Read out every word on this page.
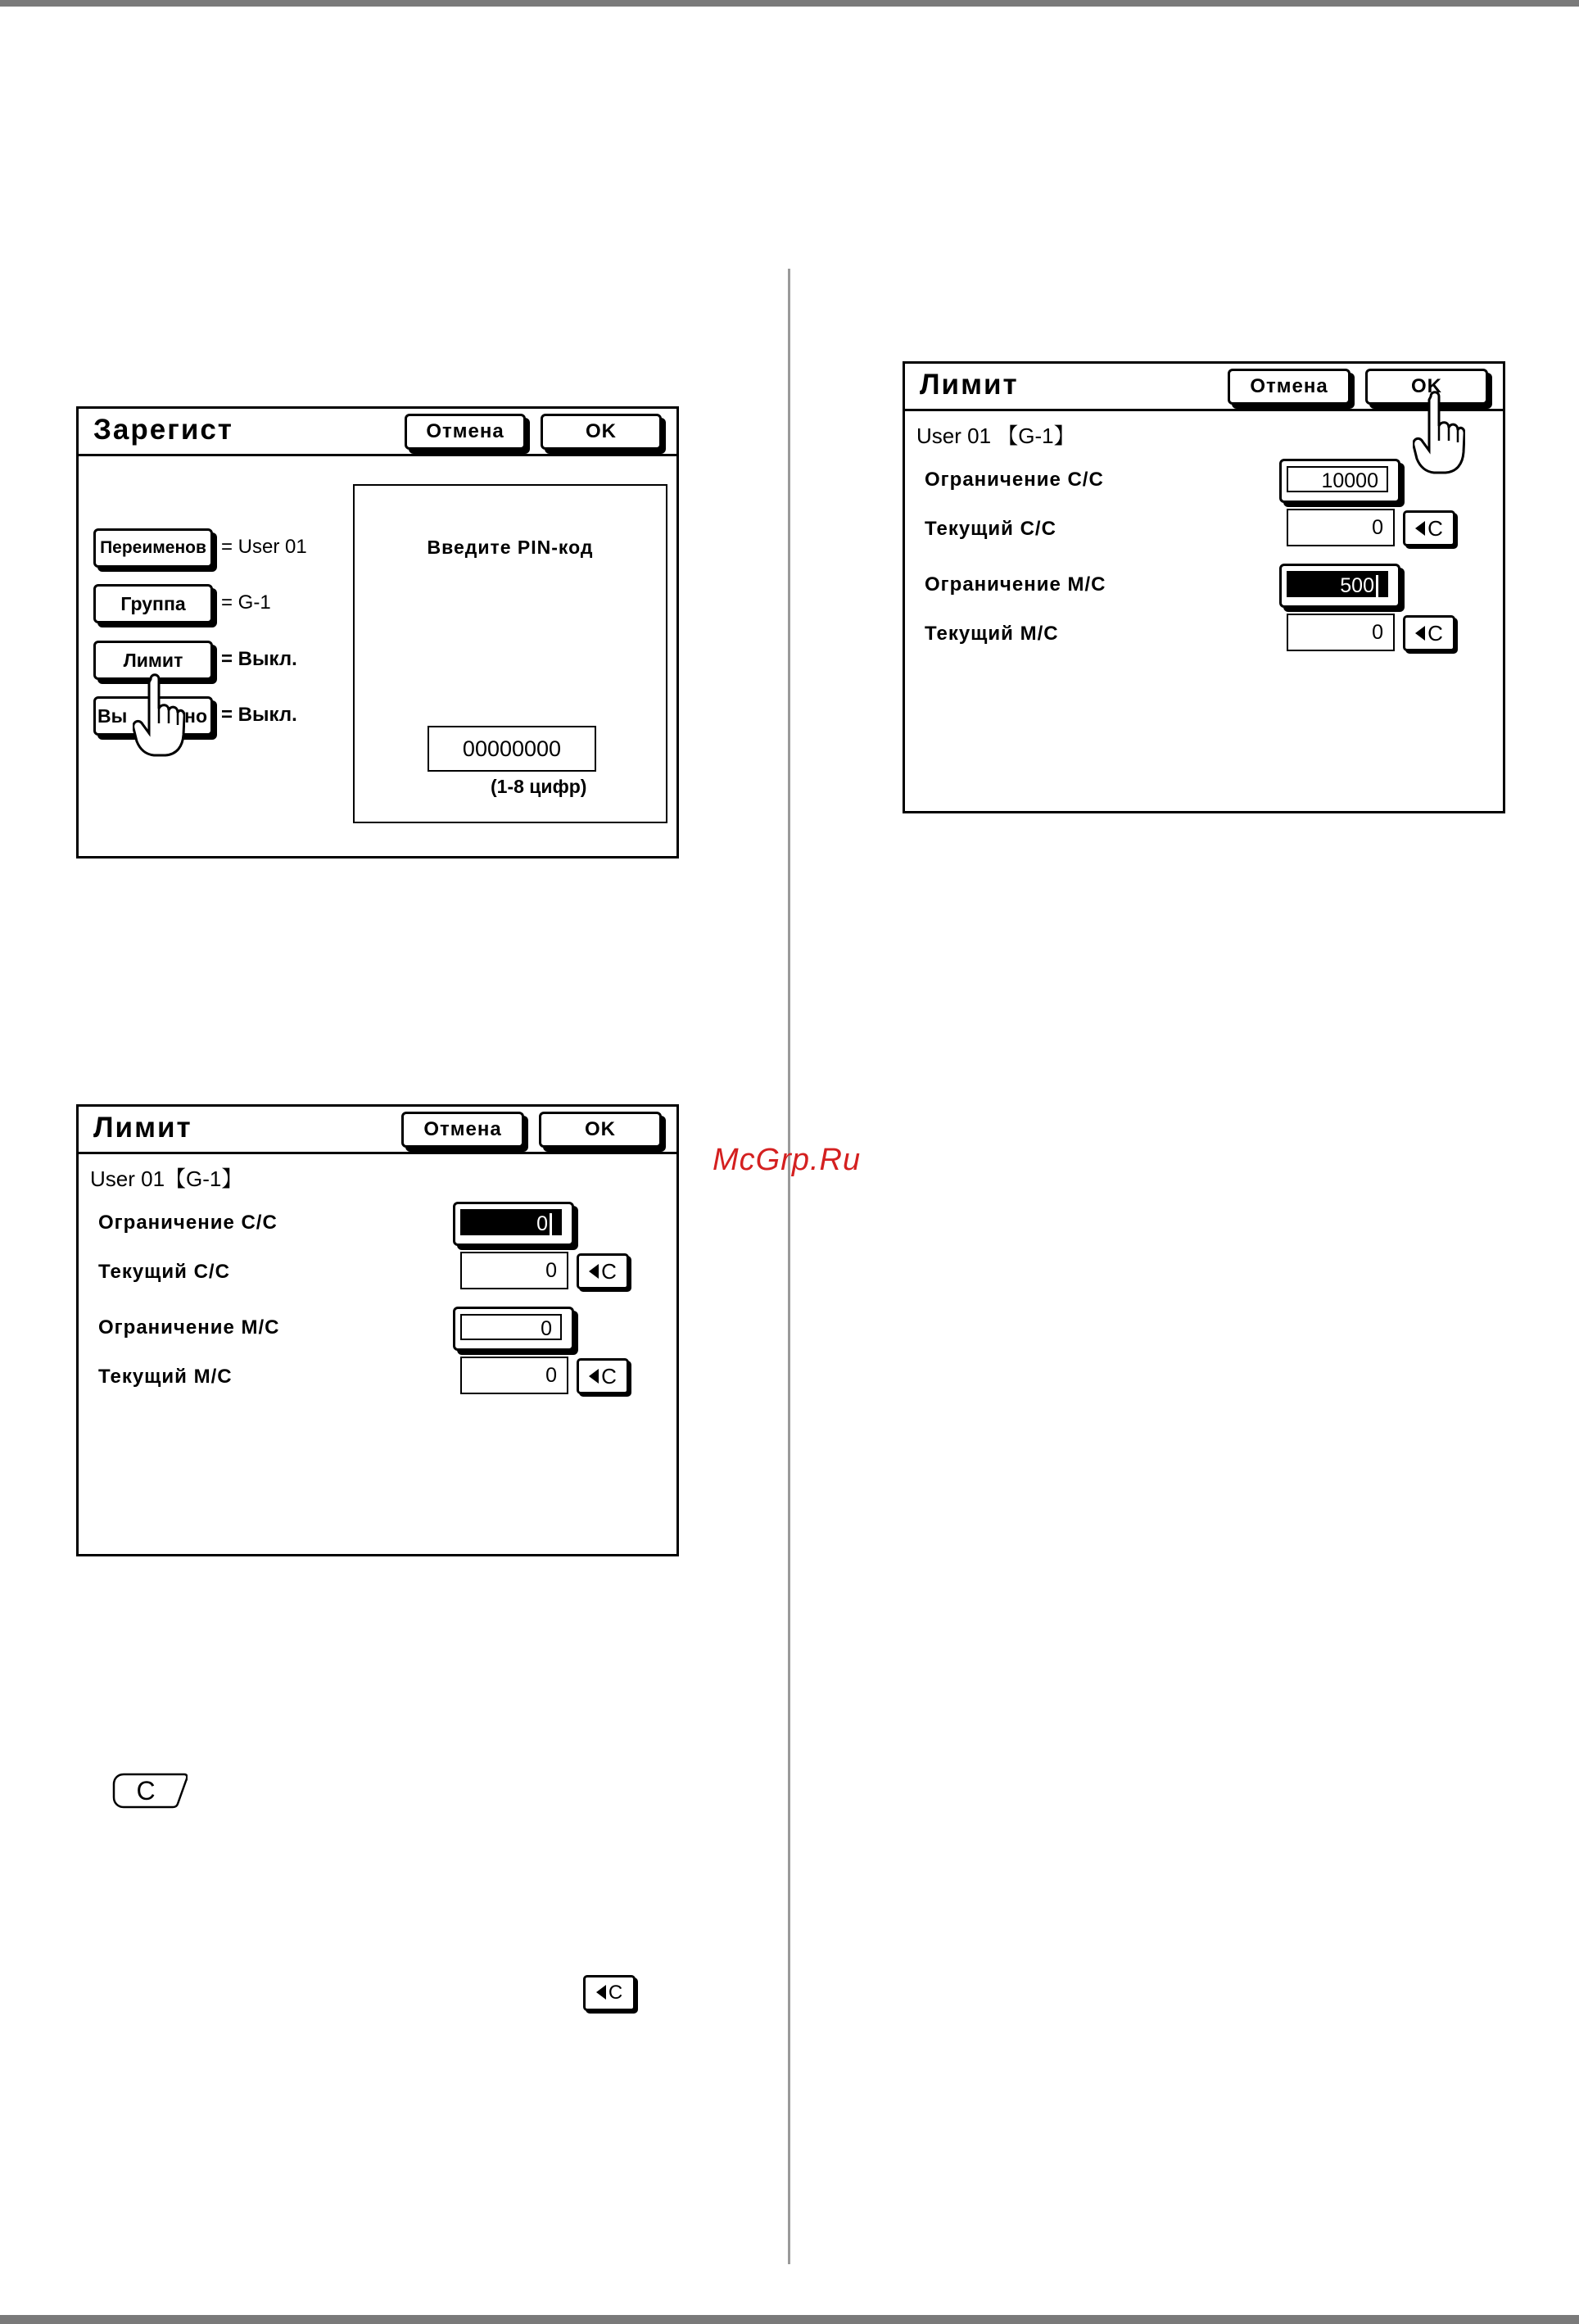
Зарегист	Отмена	OK
Переименов = User 01
Группа	= G-1
Лимит	= Выкл.
Вы	но = Выкл.
Введите PIN-код
00000000
(1-8 цифр)
Лимит	Отмена	OK
User 01【G-1】
Ограничение C/C	0
Текущий C/C	0	C
Ограничение M/C	0
Текущий M/C	0	C
Лимит	Отмена	OK
User 01 【G-1】
Ограничение C/C	10000
Текущий C/C	0	C
Ограничение M/C	500
Текущий M/C	0	C
McGrp.Ru
C
C
